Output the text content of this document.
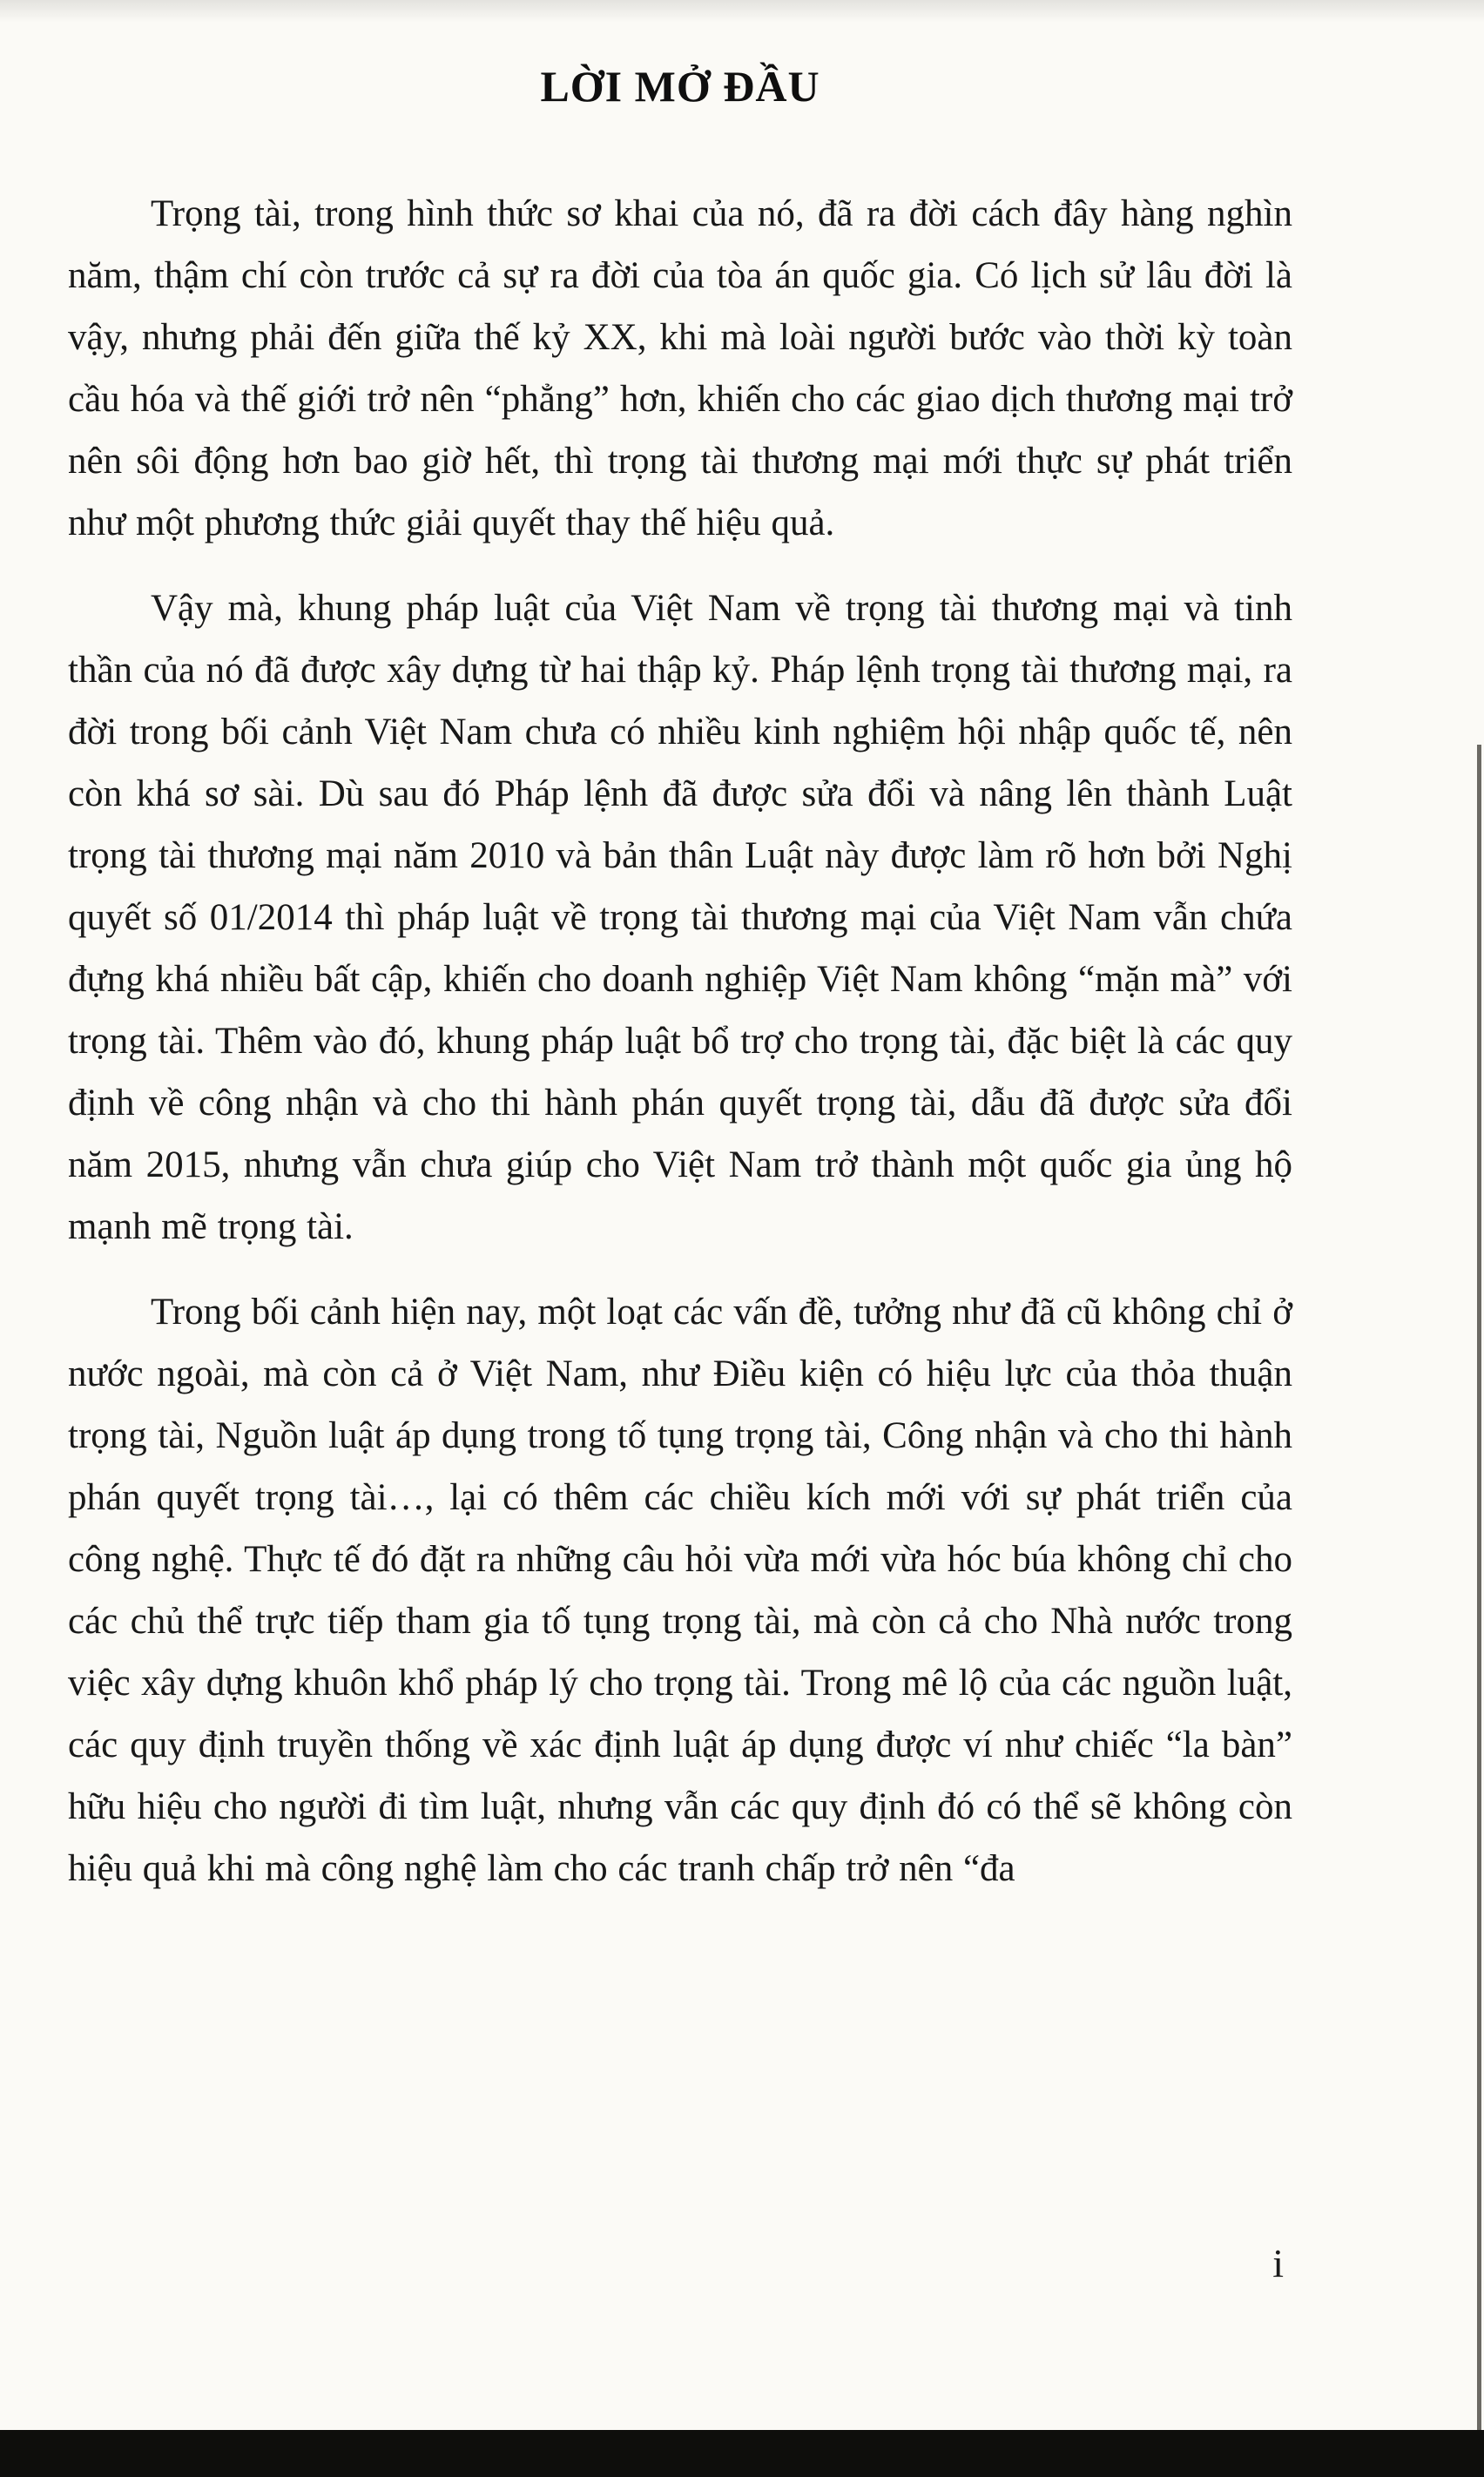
LỜI MỞ ĐẦU

Trọng tài, trong hình thức sơ khai của nó, đã ra đời cách đây hàng nghìn năm, thậm chí còn trước cả sự ra đời của tòa án quốc gia. Có lịch sử lâu đời là vậy, nhưng phải đến giữa thế kỷ XX, khi mà loài người bước vào thời kỳ toàn cầu hóa và thế giới trở nên “phẳng” hơn, khiến cho các giao dịch thương mại trở nên sôi động hơn bao giờ hết, thì trọng tài thương mại mới thực sự phát triển như một phương thức giải quyết thay thế hiệu quả.

Vậy mà, khung pháp luật của Việt Nam về trọng tài thương mại và tinh thần của nó đã được xây dựng từ hai thập kỷ. Pháp lệnh trọng tài thương mại, ra đời trong bối cảnh Việt Nam chưa có nhiều kinh nghiệm hội nhập quốc tế, nên còn khá sơ sài. Dù sau đó Pháp lệnh đã được sửa đổi và nâng lên thành Luật trọng tài thương mại năm 2010 và bản thân Luật này được làm rõ hơn bởi Nghị quyết số 01/2014 thì pháp luật về trọng tài thương mại của Việt Nam vẫn chứa đựng khá nhiều bất cập, khiến cho doanh nghiệp Việt Nam không “mặn mà” với trọng tài. Thêm vào đó, khung pháp luật bổ trợ cho trọng tài, đặc biệt là các quy định về công nhận và cho thi hành phán quyết trọng tài, dẫu đã được sửa đổi năm 2015, nhưng vẫn chưa giúp cho Việt Nam trở thành một quốc gia ủng hộ mạnh mẽ trọng tài.

Trong bối cảnh hiện nay, một loạt các vấn đề, tưởng như đã cũ không chỉ ở nước ngoài, mà còn cả ở Việt Nam, như Điều kiện có hiệu lực của thỏa thuận trọng tài, Nguồn luật áp dụng trong tố tụng trọng tài, Công nhận và cho thi hành phán quyết trọng tài…, lại có thêm các chiều kích mới với sự phát triển của công nghệ. Thực tế đó đặt ra những câu hỏi vừa mới vừa hóc búa không chỉ cho các chủ thể trực tiếp tham gia tố tụng trọng tài, mà còn cả cho Nhà nước trong việc xây dựng khuôn khổ pháp lý cho trọng tài. Trong mê lộ của các nguồn luật, các quy định truyền thống về xác định luật áp dụng được ví như chiếc “la bàn” hữu hiệu cho người đi tìm luật, nhưng vẫn các quy định đó có thể sẽ không còn hiệu quả khi mà công nghệ làm cho các tranh chấp trở nên “đa

i
